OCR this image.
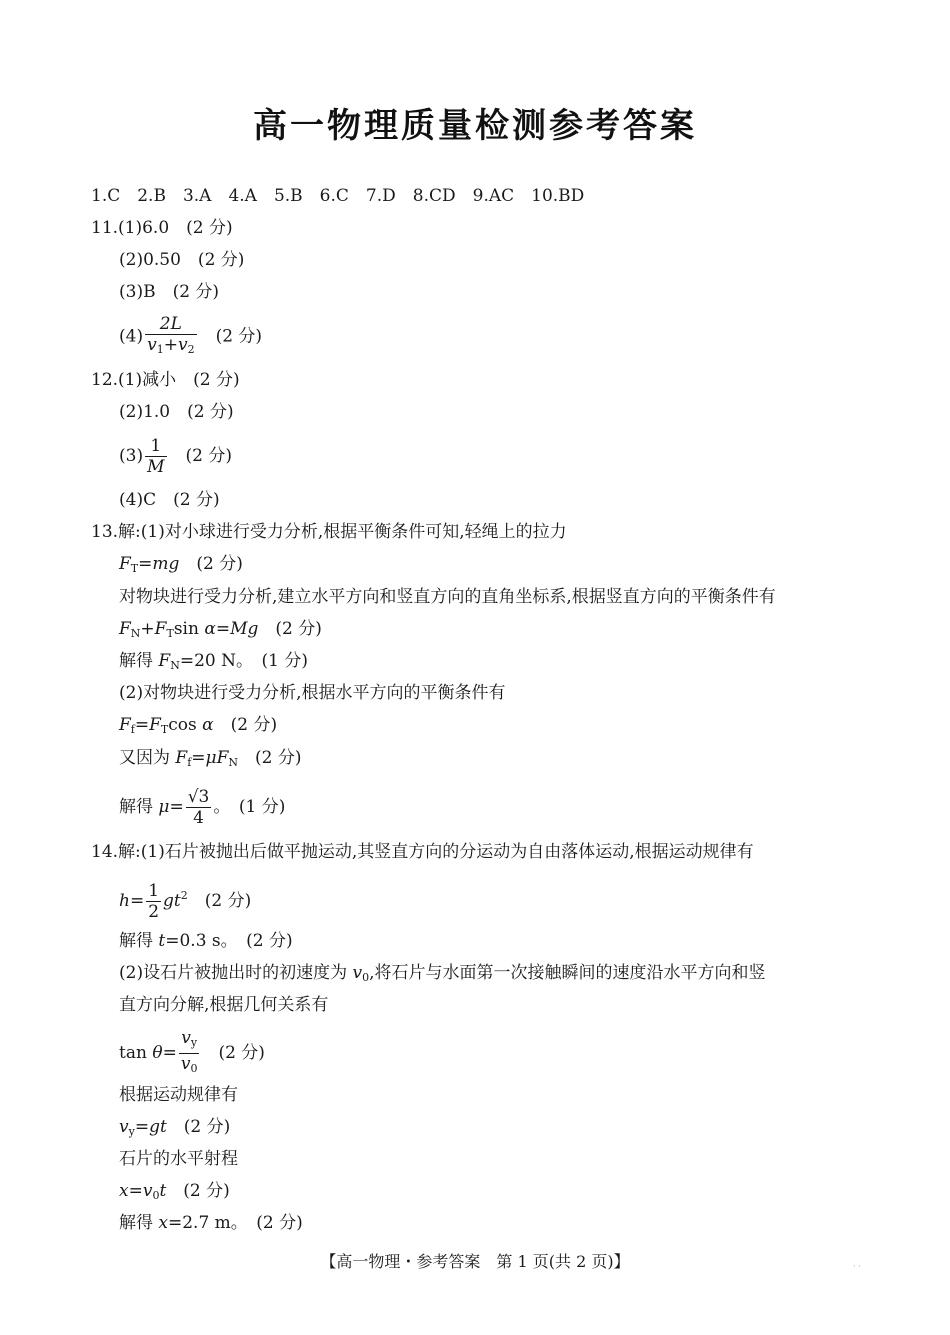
高一物理质量检测参考答案
1.C 2.B 3.A 4.A 5.B 6.C 7.D 8.CD 9.AC 10.BD
11.(1)6.0　(2 分)
(2)0.50　(2 分)
(3)B　(2 分)
$(4) \frac{2L}{v_1+v_2}$
　 (2 分)
12.(1)减小　(2 分)
(2)1.0　(2 分)
$(3) \frac{1}{M}$
　 (2 分)
(4)C　(2 分)
13.解:(1)对小球进行受力分析,根据平衡条件可知,轻绳上的拉力
$F_T=mg$　 (2 分)
对物块进行受力分析,建立水平方向和竖直方向的直角坐标系,根据竖直方向的平衡条件有
$F_N+F_T\sin$ α=Mg　 (2 分)
解得 $F_N=20$ N。　(1 分)
(2)对物块进行受力分析,根据水平方向的平衡条件有
$F_f=F_T\cos$ α　 (2 分)
又因为 $F_f=\mu F_N$　 (2 分)
解得 $\mu= \frac{√3}{4}$ 。　(1 分)
14.解:(1)石片被抛出后做平抛运动,其竖直方向的分运动为自由落体运动,根据运动规律有
$h= \frac{1}{2} gt^2$　 (2 分)
解得 t=0.3 s。　(2 分)
(2)设石片被抛出时的初速度为 $v_0$,将石片与水面第一次接触瞬间的速度沿水平方向和竖
直方向分解,根据几何关系有
$\tan \theta= \frac{v_y}{v_0}$
　 (2 分)
根据运动规律有
$v_y=gt$　 (2 分)
石片的水平射程
$x=v_0t$　 (2 分)
解得 x=2.7 m。　(2 分)
【高一物理・参考答案　第 1 页(共 2 页)】	· ·
